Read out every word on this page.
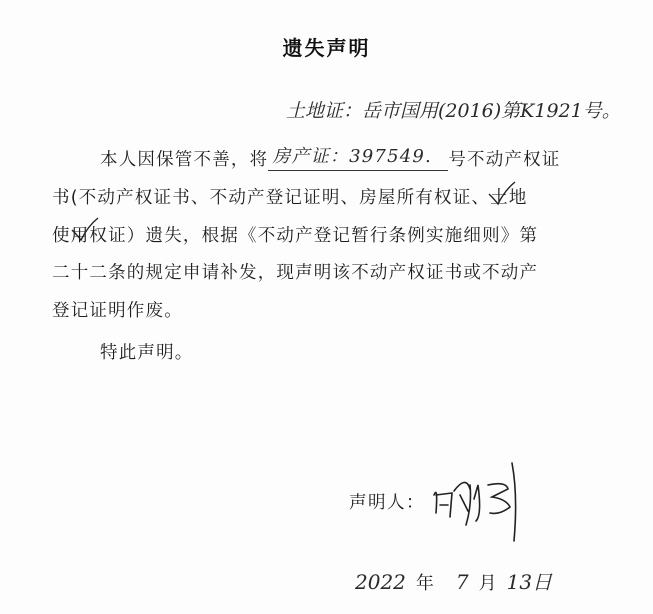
遗失声明
土地证：岳市国用(2016)第K1921号。
本人因保管不善，将 房产证：397549. 号不动产权证
书(不动产权证书、不动产登记证明、房屋所有权证、土地
使用权证）遗失，根据《不动产登记暂行条例实施细则》第
二十二条的规定申请补发，现声明该不动产权证书或不动产
登记证明作废。
特此声明。
声明人：
2022 年 7 月 13日
